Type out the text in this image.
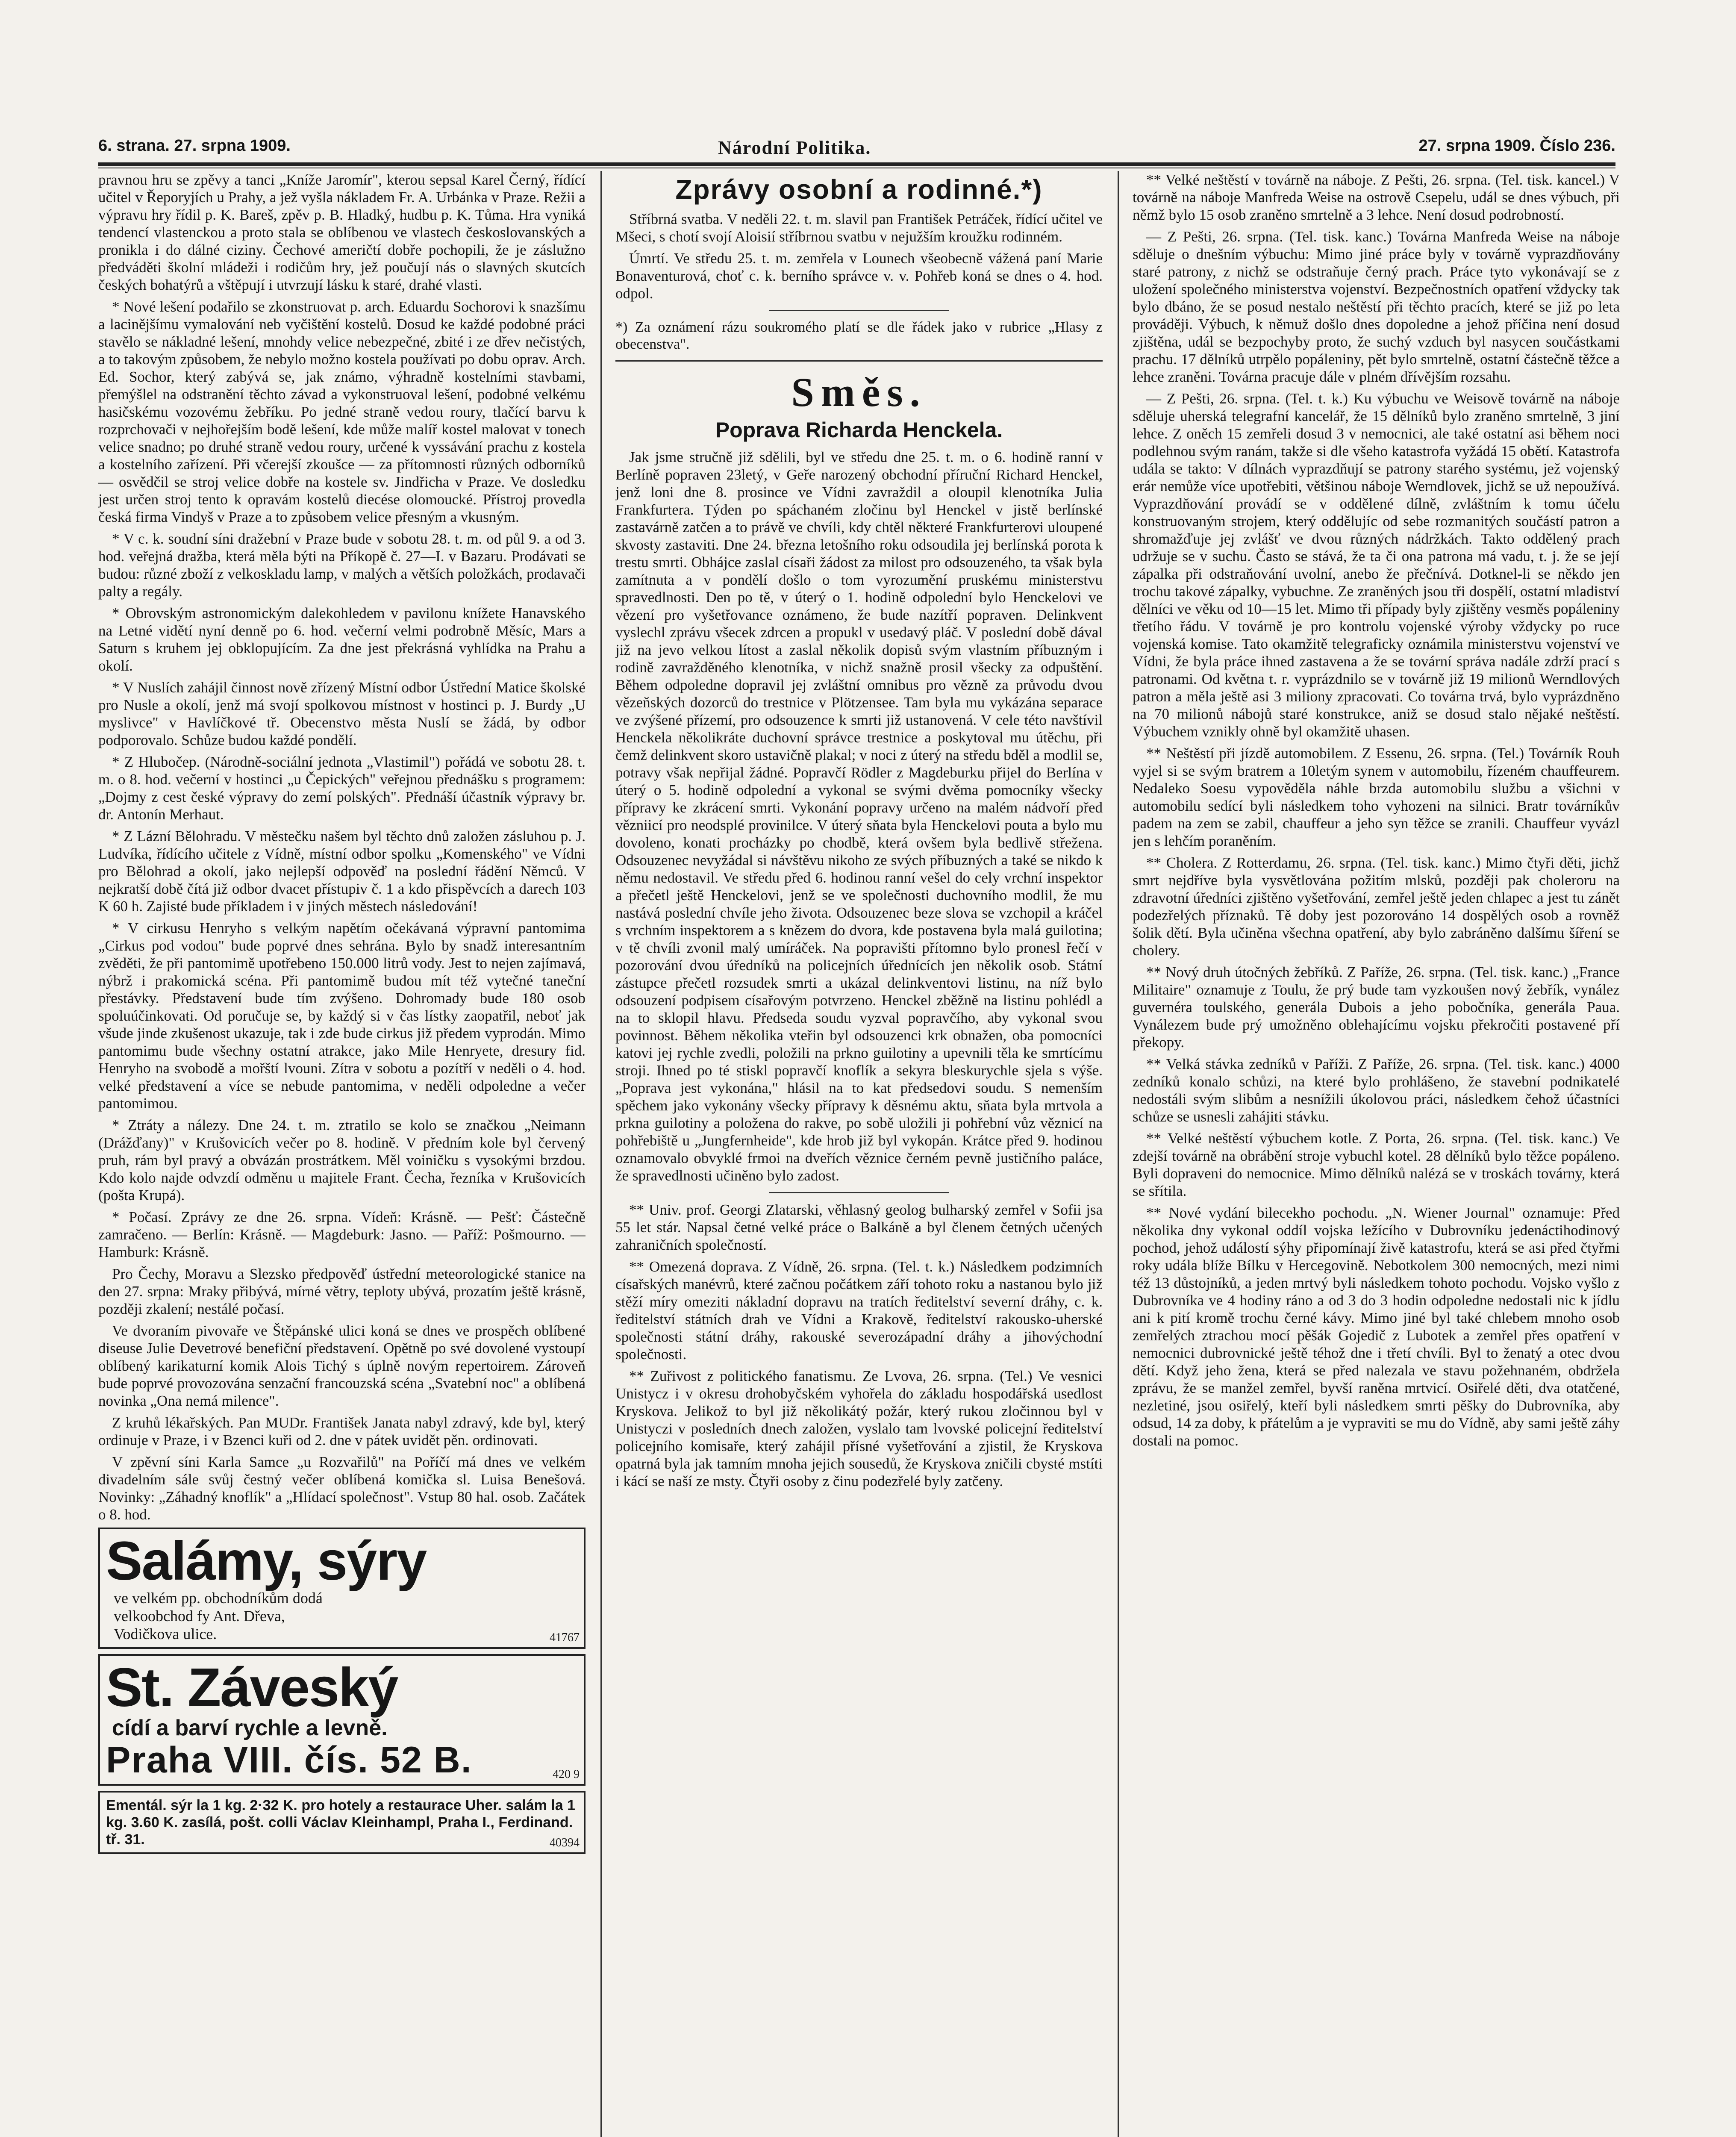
6. strana. 27. srpna 1909.	Národní Politika.	27. srpna 1909. Číslo 236.

pravnou hru se zpěvy a tanci „Kníže Jaromír", kterou sepsal Karel Černý, řídící učitel v Řeporyjích u Prahy, a jež vyšla nákladem Fr. A. Urbánka v Praze. Režii a výpravu hry řídil p. K. Bareš, zpěv p. B. Hladký, hudbu p. K. Tůma. Hra vyniká tendencí vlastenckou a proto stala se oblíbenou ve vlastech českoslovanských a pronikla i do dálné ciziny. Čechové američtí dobře pochopili, že je záslužno předváděti školní mládeži i rodičům hry, jež poučují nás o slavných skutcích českých bohatýrů a vštěpují i utvrzují lásku k staré, drahé vlasti.

* Nové lešení podařilo se zkonstruovat p. arch. Eduardu Sochorovi k snazšímu a lacinějšímu vymalování neb vyčištění kostelů. Dosud ke každé podobné práci stavělo se nákladné lešení, mnohdy velice nebezpečné, zbité i ze dřev nečistých, a to takovým způsobem, že nebylo možno kostela používati po dobu oprav. Arch. Ed. Sochor, který zabývá se, jak známo, výhradně kostelními stavbami, přemýšlel na odstranění těchto závad a vykonstruoval lešení, podobné velkému hasičskému vozovému žebříku. Po jedné straně vedou roury, tlačící barvu k rozprchovači v nejhořejším bodě lešení, kde může malíř kostel malovat v tonech velice snadno; po druhé straně vedou roury, určené k vyssávání prachu z kostela a kostelního zařízení. Při včerejší zkoušce — za přítomnosti různých odborníků — osvědčil se stroj velice dobře na kostele sv. Jindřicha v Praze. Ve dosledku jest určen stroj tento k opravám kostelů diecése olomoucké. Přístroj provedla česká firma Vindyš v Praze a to způsobem velice přesným a vkusným.

* V c. k. soudní síni dražební v Praze bude v sobotu 28. t. m. od půl 9. a od 3. hod. veřejná dražba, která měla býti na Příkopě č. 27—I. v Bazaru. Prodávati se budou: různé zboží z velkoskladu lamp, v malých a větších položkách, prodavači palty a regály.

* Obrovským astronomickým dalekohledem v pavilonu knížete Hanavského na Letné vidětí nyní denně po 6. hod. večerní velmi podrobně Měsíc, Mars a Saturn s kruhem jej obklopujícím. Za dne jest překrásná vyhlídka na Prahu a okolí.

* V Nuslích zahájil činnost nově zřízený Místní odbor Ústřední Matice školské pro Nusle a okolí, jenž má svojí spolkovou místnost v hostinci p. J. Burdy „U myslivce" v Havlíčkové tř. Obecenstvo města Nuslí se žádá, by odbor podporovalo. Schůze budou každé pondělí.

* Z Hlubočep. (Národně-sociální jednota „Vlastimil") pořádá ve sobotu 28. t. m. o 8. hod. večerní v hostinci „u Čepických" veřejnou přednášku s programem: „Dojmy z cest české výpravy do zemí polských". Přednáší účastník výpravy br. dr. Antonín Merhaut.

* Z Lázní Bělohradu. V městečku našem byl těchto dnů založen zásluhou p. J. Ludvíka, řídícího učitele z Vídně, místní odbor spolku „Komenského" ve Vídni pro Bělohrad a okolí, jako nejlepší odpověď na poslední řádění Němců. V nejkratší době čítá již odbor dvacet přístupiv č. 1 a kdo přispěvcích a darech 103 K 60 h. Zajisté bude příkladem i v jiných městech následování!

* V cirkusu Henryho s velkým napětím očekávaná výpravní pantomima „Cirkus pod vodou" bude poprvé dnes sehrána. Bylo by snadž interesantním zvěděti, že při pantomimě upotřebeno 150.000 litrů vody. Jest to nejen zajímavá, nýbrž i prakomická scéna. Při pantomimě budou mít též vytečné taneční přestávky. Představení bude tím zvýšeno. Dohromady bude 180 osob spoluúčinkovati. Od poručuje se, by každý si v čas lístky zaopatřil, neboť jak všude jinde zkušenost ukazuje, tak i zde bude cirkus již předem vyprodán. Mimo pantomimu bude všechny ostatní atrakce, jako Mile Henryete, dresury fid. Henryho na svobodě a mořští lvouni. Zítra v sobotu a pozítří v neděli o 4. hod. velké představení a více se nebude pantomima, v neděli odpoledne a večer pantomimou.

* Ztráty a nálezy. Dne 24. t. m. ztratilo se kolo se značkou „Neimann (Drážďany)" v Krušovicích večer po 8. hodině. V předním kole byl červený pruh, rám byl pravý a obvázán prostrátkem. Měl voiničku s vysokými brzdou. Kdo kolo najde odvzdí odměnu u majitele Frant. Čecha, řezníka v Krušovicích (pošta Krupá).

* Počasí. Zprávy ze dne 26. srpna. Vídeň: Krásně. — Pešť: Částečně zamračeno. — Berlín: Krásně. — Magdeburk: Jasno. — Paříž: Pošmourno. — Hamburk: Krásně.

Pro Čechy, Moravu a Slezsko předpověď ústřední meteorologické stanice na den 27. srpna: Mraky přibývá, mírné větry, teploty ubývá, prozatím ještě krásně, později zkalení; nestálé počasí.

Ve dvoraním pivovaře ve Štěpánské ulici koná se dnes ve prospěch oblíbené diseuse Julie Devetrové benefiční představení. Opětně po své dovolené vystoupí oblíbený karikaturní komik Alois Tichý s úplně novým repertoirem. Zároveň bude poprvé provozována senzační francouzská scéna „Svatební noc" a oblíbená novinka „Ona nemá milence".

Z kruhů lékařských. Pan MUDr. František Janata nabyl zdravý, kde byl, který ordinuje v Praze, i v Bzenci kuři od 2. dne v pátek uvidět pěn. ordinovati.

V zpěvní síni Karla Samce „u Rozvařilů" na Poříčí má dnes ve velkém divadelním sále svůj čestný večer oblíbená komička sl. Luisa Benešová. Novinky: „Záhadný knoflík" a „Hlídací společnost". Vstup 80 hal. osob. Začátek o 8. hod.

Salámy, sýry ve velkém pp. obchodníkům dodá velkoobchod fy Ant. Dřeva, Vodičkova ulice.	41767
St. Záveský cídí a barví rychle a levně.
Praha VIII. čís. 52 B.	420 9
Ementál. sýr la 1 kg. 2·32 K. pro hotely a restaurace Uher. salám la 1 kg. 3.60 K. zasílá, pošt. colli Václav Kleinhampl, Praha I., Ferdinand. tř. 31.	40394
Zprávy osobní a rodinné.*)

Stříbrná svatba. V neděli 22. t. m. slavil pan František Petráček, řídící učitel ve Mšeci, s chotí svojí Aloisií stříbrnou svatbu v nejužším kroužku rodinném.

Úmrtí. Ve středu 25. t. m. zemřela v Lounech všeobecně vážená paní Marie Bonaventurová, choť c. k. berního správce v. v. Pohřeb koná se dnes o 4. hod. odpol.

*) Za oznámení rázu soukromého platí se dle řádek jako v rubrice „Hlasy z obecenstva".
Směs.
Poprava Richarda Henckela.

Jak jsme stručně již sdělili, byl ve středu dne 25. t. m. o 6. hodině ranní v Berlíně popraven 23letý, v Geře narozený obchodní příruční Richard Henckel, jenž loni dne 8. prosince ve Vídni zavraždil a oloupil klenotníka Julia Frankfurtera. Týden po spáchaném zločinu byl Henckel v jistě berlínské zastavárně zatčen a to právě ve chvíli, kdy chtěl některé Frankfurterovi uloupené skvosty zastaviti. Dne 24. března letošního roku odsoudila jej berlínská porota k trestu smrti. Obhájce zaslal císaři žádost za milost pro odsouzeného, ta však byla zamítnuta a v pondělí došlo o tom vyrozumění pruskému ministerstvu spravedlnosti. Den po tě, v úterý o 1. hodině odpolední bylo Henckelovi ve vězení pro vyšetřovance oznámeno, že bude nazítří popraven. Delinkvent vyslechl zprávu všecek zdrcen a propukl v usedavý pláč. V poslední době dával již na jevo velkou lítost a zaslal několik dopisů svým vlastním příbuzným i rodině zavražděného klenotníka, v nichž snažně prosil všecky za odpuštění. Během odpoledne dopravil jej zvláštní omnibus pro vězně za průvodu dvou vězeňských dozorců do trestnice v Plötzensee. Tam byla mu vykázána separace ve zvýšené přízemí, pro odsouzence k smrti již ustanovená. V cele této navštívil Henckela několikráte duchovní správce trestnice a poskytoval mu útěchu, při čemž delinkvent skoro ustavičně plakal; v noci z úterý na středu bděl a modlil se, potravy však nepřijal žádné. Popravčí Rödler z Magdeburku přijel do Berlína v úterý o 5. hodině odpolední a vykonal se svými dvěma pomocníky všecky přípravy ke zkrácení smrti. Vykonání popravy určeno na malém nádvoří před vězniicí pro neodsplé provinilce. V úterý sňata byla Henckelovi pouta a bylo mu dovoleno, konati procházky po chodbě, která ovšem byla bedlivě střežena. Odsouzenec nevyžádal si návštěvu nikoho ze svých příbuzných a také se nikdo k němu nedostavil. Ve středu před 6. hodinou ranní vešel do cely vrchní inspektor a přečetl ještě Henckelovi, jenž se ve společnosti duchovního modlil, že mu nastává poslední chvíle jeho života. Odsouzenec beze slova se vzchopil a kráčel s vrchním inspektorem a s knězem do dvora, kde postavena byla malá guilotina; v tě chvíli zvonil malý umíráček. Na popravišti přítomno bylo pronesl řečí v pozorování dvou úředníků na policejních úřednících jen několik osob. Státní zástupce přečetl rozsudek smrti a ukázal delinkventovi listinu, na níž bylo odsouzení podpisem císařovým potvrzeno. Henckel zběžně na listinu pohlédl a na to sklopil hlavu. Předseda soudu vyzval popravčího, aby vykonal svou povinnost. Během několika vteřin byl odsouzenci krk obnažen, oba pomocníci katovi jej rychle zvedli, položili na prkno guilotiny a upevnili těla ke smrtícímu stroji. Ihned po té stiskl popravčí knoflík a sekyra bleskurychle sjela s výše. „Poprava jest vykonána," hlásil na to kat předsedovi soudu. S nemenším spěchem jako vykonány všecky přípravy k děsnému aktu, sňata byla mrtvola a prkna guilotiny a položena do rakve, po sobě uložili ji pohřební vůz věznicí na pohřebiště u „Jungfernheide", kde hrob již byl vykopán. Krátce před 9. hodinou oznamovalo obvyklé frmoi na dveřích věznice černém pevně justičního paláce, že spravedlnosti učiněno bylo zadost.

** Univ. prof. Georgi Zlatarski, věhlasný geolog bulharský zemřel v Sofii jsa 55 let stár. Napsal četné velké práce o Balkáně a byl členem četných učených zahraničních společností.

** Omezená doprava. Z Vídně, 26. srpna. (Tel. t. k.) Následkem podzimních císařských manévrů, které začnou počátkem září tohoto roku a nastanou bylo již stěží míry omeziti nákladní dopravu na tratích ředitelství severní dráhy, c. k. ředitelství státních drah ve Vídni a Krakově, ředitelství rakousko-uherské společnosti státní dráhy, rakouské severozápadní dráhy a jihovýchodní společnosti.

** Zuřivost z politického fanatismu. Ze Lvova, 26. srpna. (Tel.) Ve vesnici Unistycz i v okresu drohobyčském vyhořela do základu hospodářská usedlost Kryskova. Jelikož to byl již několikátý požár, který rukou zločinnou byl v Unistyczi v posledních dnech založen, vyslalo tam lvovské policejní ředitelství policejního komisaře, který zahájil přísné vyšetřování a zjistil, že Kryskova opatrná byla jak tamním mnoha jejich sousedů, že Kryskova zničili cbysté mstíti i kácí se naší ze msty. Čtyři osoby z činu podezřelé byly zatčeny.

** Velké neštěstí v továrně na náboje. Z Pešti, 26. srpna. (Tel. tisk. kancel.) V továrně na náboje Manfreda Weise na ostrově Csepelu, udál se dnes výbuch, při němž bylo 15 osob zraněno smrtelně a 3 lehce. Není dosud podrobností.

— Z Pešti, 26. srpna. (Tel. tisk. kanc.) Továrna Manfreda Weise na náboje sděluje o dnešním výbuchu: Mimo jiné práce byly v továrně vyprazdňovány staré patrony, z nichž se odstraňuje černý prach. Práce tyto vykonávají se z uložení společného ministerstva vojenství. Bezpečnostních opatření vždycky tak bylo dbáno, že se posud nestalo neštěstí při těchto pracích, které se již po leta prováději. Výbuch, k němuž došlo dnes dopoledne a jehož příčina není dosud zjištěna, udál se bezpochyby proto, že suchý vzduch byl nasycen součástkami prachu. 17 dělníků utrpělo popáleniny, pět bylo smrtelně, ostatní částečně těžce a lehce zraněni. Továrna pracuje dále v plném dřívějším rozsahu.

— Z Pešti, 26. srpna. (Tel. t. k.) Ku výbuchu ve Weisově továrně na náboje sděluje uherská telegrafní kancelář, že 15 dělníků bylo zraněno smrtelně, 3 jiní lehce. Z oněch 15 zemřeli dosud 3 v nemocnici, ale také ostatní asi během noci podlehnou svým ranám, takže si dle všeho katastrofa vyžádá 15 obětí. Katastrofa udála se takto: V dílnách vyprazdňují se patrony starého systému, jež vojenský erár nemůže více upotřebiti, většinou náboje Werndlovek, jichž se už nepoužívá. Vyprazdňování provádí se v oddělené dílně, zvláštním k tomu účelu konstruovaným strojem, který oddělujíc od sebe rozmanitých součástí patron a shromažďuje jej zvlášť ve dvou různých nádržkách. Takto oddělený prach udržuje se v suchu. Často se stává, že ta či ona patrona má vadu, t. j. že se její zápalka při odstraňování uvolní, anebo že přečnívá. Dotknel-li se někdo jen trochu takové zápalky, vybuchne. Ze zraněných jsou tři dospělí, ostatní mladiství dělníci ve věku od 10—15 let. Mimo tři případy byly zjištěny vesměs popáleniny třetího řádu. V továrně je pro kontrolu vojenské výroby vždycky po ruce vojenská komise. Tato okamžitě telegraficky oznámila ministerstvu vojenství ve Vídni, že byla práce ihned zastavena a že se tovární správa nadále zdrží prací s patronami. Od května t. r. vyprázdnilo se v továrně již 19 milionů Werndlových patron a měla ještě asi 3 miliony zpracovati. Co továrna trvá, bylo vyprázdněno na 70 milionů nábojů staré konstrukce, aniž se dosud stalo nějaké neštěstí. Výbuchem vznikly ohně byl okamžitě uhasen.

** Neštěstí při jízdě automobilem. Z Essenu, 26. srpna. (Tel.) Továrník Rouh vyjel si se svým bratrem a 10letým synem v automobilu, řízeném chauffeurem. Nedaleko Soesu vypověděla náhle brzda automobilu službu a všichni v automobilu sedící byli následkem toho vyhozeni na silnici. Bratr továrníkův padem na zem se zabil, chauffeur a jeho syn těžce se zranili. Chauffeur vyvázl jen s lehčím poraněním.

** Cholera. Z Rotterdamu, 26. srpna. (Tel. tisk. kanc.) Mimo čtyři děti, jichž smrt nejdříve byla vysvětlována požitím mlsků, později pak choleroru na zdravotní úředníci zjištěno vyšetřování, zemřel ještě jeden chlapec a jest tu zánět podezřelých příznaků. Tě doby jest pozorováno 14 dospělých osob a rovněž šolik dětí. Byla učiněna všechna opatření, aby bylo zabráněno dalšímu šíření se cholery.

** Nový druh útočných žebříků. Z Paříže, 26. srpna. (Tel. tisk. kanc.) „France Militaire" oznamuje z Toulu, že prý bude tam vyzkoušen nový žebřík, vynález guvernéra toulského, generála Dubois a jeho pobočníka, generála Paua. Vynálezem bude prý umožněno oblehajícímu vojsku překročiti postavené pří překopy.

** Velká stávka zedníků v Paříži. Z Paříže, 26. srpna. (Tel. tisk. kanc.) 4000 zedníků konalo schůzi, na které bylo prohlášeno, že stavební podnikatelé nedostáli svým slibům a nesnížili úkolovou práci, následkem čehož účastníci schůze se usnesli zahájiti stávku.

** Velké neštěstí výbuchem kotle. Z Porta, 26. srpna. (Tel. tisk. kanc.) Ve zdejší továrně na obrábění stroje vybuchl kotel. 28 dělníků bylo těžce popáleno. Byli dopraveni do nemocnice. Mimo dělníků nalézá se v troskách továrny, která se sřítila.

** Nové vydání bilecekho pochodu. „N. Wiener Journal" oznamuje: Před několika dny vykonal oddíl vojska ležícího v Dubrovníku jedenáctihodinový pochod, jehož událostí sýhy připomínají živě katastrofu, která se asi před čtyřmi roky udála blíže Bílku v Hercegovině. Nebotkolem 300 nemocných, mezi nimi též 13 důstojníků, a jeden mrtvý byli následkem tohoto pochodu. Vojsko vyšlo z Dubrovníka ve 4 hodiny ráno a od 3 do 3 hodin odpoledne nedostali nic k jídlu ani k pití kromě trochu černé kávy. Mimo jiné byl také chlebem mnoho osob zemřelých ztrachou mocí pěšák Gojedič z Lubotek a zemřel přes opatření v nemocnici dubrovnické ještě téhož dne i třetí chvíli. Byl to ženatý a otec dvou dětí. Když jeho žena, která se před nalezala ve stavu požehnaném, obdržela zprávu, že se manžel zemřel, byvší raněna mrtvicí. Osiřelé děti, dva otatčené, nezletiné, jsou osiřelý, kteří byli následkem smrti pěšky do Dubrovníka, aby odsud, 14 za doby, k přátelům a je vypraviti se mu do Vídně, aby sami ještě záhy dostali na pomoc.
